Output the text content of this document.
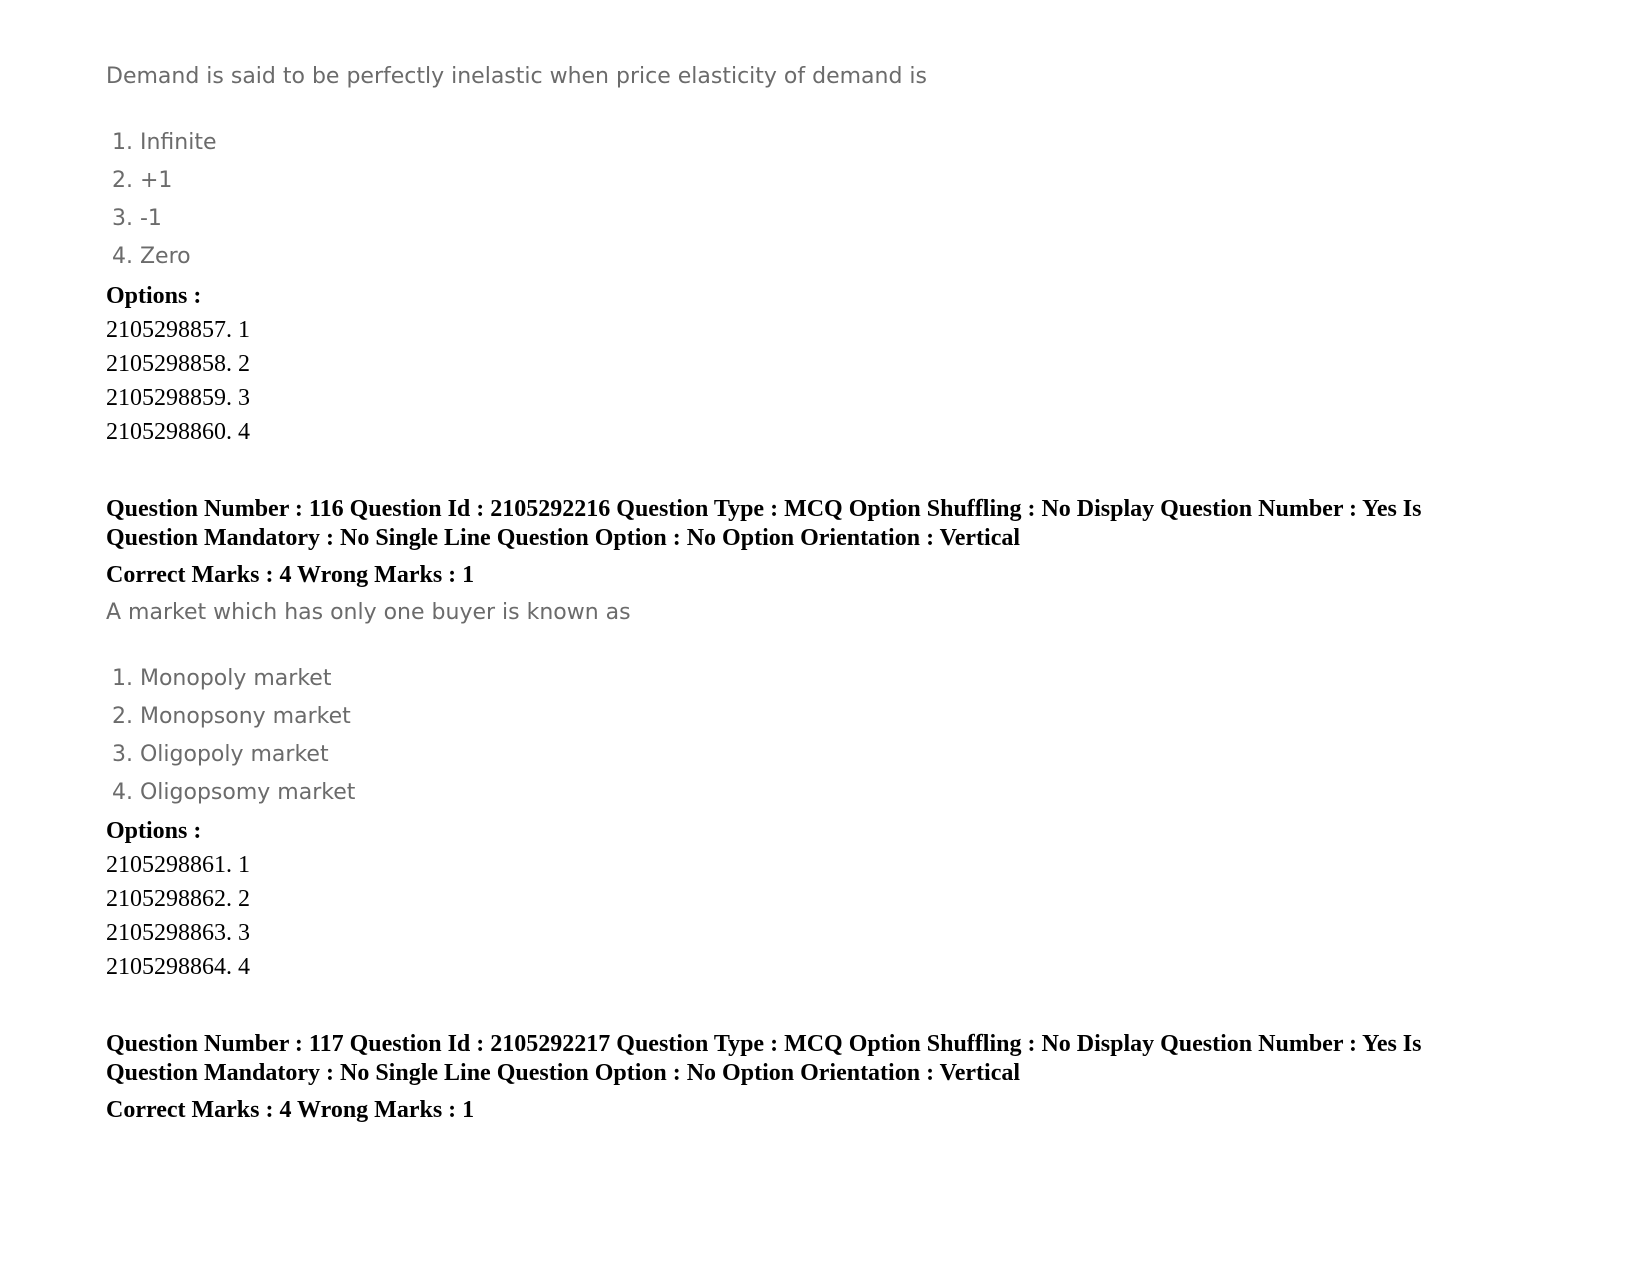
Demand is said to be perfectly inelastic when price elasticity of demand is

1. Infinite
2. +1
3. -1
4. Zero
Options :
2105298857. 1
2105298858. 2
2105298859. 3
2105298860. 4

Question Number : 116 Question Id : 2105292216 Question Type : MCQ Option Shuffling : No Display Question Number : Yes Is

Question Mandatory : No Single Line Question Option : No Option Orientation : Vertical

Correct Marks : 4 Wrong Marks : 1

A market which has only one buyer is known as

1. Monopoly market
2. Monopsony market
3. Oligopoly market
4. Oligopsomy market
Options :
2105298861. 1
2105298862. 2
2105298863. 3
2105298864. 4

Question Number : 117 Question Id : 2105292217 Question Type : MCQ Option Shuffling : No Display Question Number : Yes Is

Question Mandatory : No Single Line Question Option : No Option Orientation : Vertical

Correct Marks : 4 Wrong Marks : 1
